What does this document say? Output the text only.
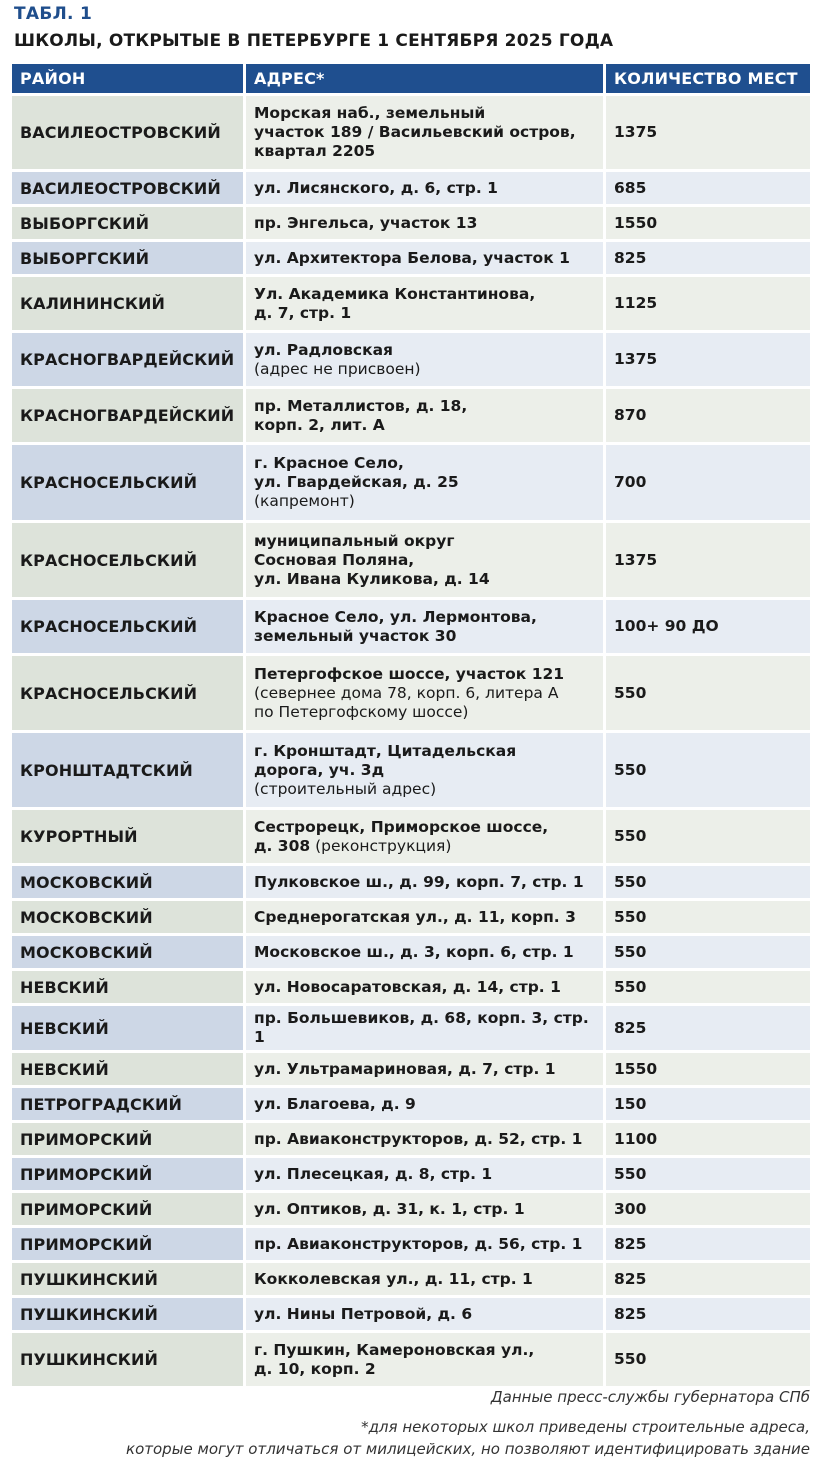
ТАБЛ. 1
ШКОЛЫ, ОТКРЫТЫЕ В ПЕТЕРБУРГЕ 1 СЕНТЯБРЯ 2025 ГОДА
РАЙОН	АДРЕС*	КОЛИЧЕСТВО МЕСТ
ВАСИЛЕОСТРОВСКИЙ	Морская наб., земельный
участок 189 / Васильевский остров,
квартал 2205	1375
ВАСИЛЕОСТРОВСКИЙ	ул. Лисянского, д. 6, стр. 1	685
ВЫБОРГСКИЙ	пр. Энгельса, участок 13	1550
ВЫБОРГСКИЙ	ул. Архитектора Белова, участок 1	825
КАЛИНИНСКИЙ	Ул. Академика Константинова,
д. 7, стр. 1	1125
КРАСНОГВАРДЕЙСКИЙ	ул. Радловская
(адрес не присвоен)	1375
КРАСНОГВАРДЕЙСКИЙ	пр. Металлистов, д. 18,
корп. 2, лит. А	870
КРАСНОСЕЛЬСКИЙ	г. Красное Село,
ул. Гвардейская, д. 25
(капремонт)	700
КРАСНОСЕЛЬСКИЙ	муниципальный округ
Сосновая Поляна,
ул. Ивана Куликова, д. 14	1375
КРАСНОСЕЛЬСКИЙ	Красное Село, ул. Лермонтова,
земельный участок 30	100+ 90 ДО
КРАСНОСЕЛЬСКИЙ	Петергофское шоссе, участок 121
(севернее дома 78, корп. 6, литера А
по Петергофскому шоссе)	550
КРОНШТАДТСКИЙ	г. Кронштадт, Цитадельская
дорога, уч. 3д
(строительный адрес)	550
КУРОРТНЫЙ	Сестрорецк, Приморское шоссе,
д. 308 (реконструкция)	550
МОСКОВСКИЙ	Пулковское ш., д. 99, корп. 7, стр. 1	550
МОСКОВСКИЙ	Среднерогатская ул., д. 11, корп. 3	550
МОСКОВСКИЙ	Московское ш., д. 3, корп. 6, стр. 1	550
НЕВСКИЙ	ул. Новосаратовская, д. 14, стр. 1	550
НЕВСКИЙ	пр. Большевиков, д. 68, корп. 3, стр. 1	825
НЕВСКИЙ	ул. Ультрамариновая, д. 7, стр. 1	1550
ПЕТРОГРАДСКИЙ	ул. Благоева, д. 9	150
ПРИМОРСКИЙ	пр. Авиаконструкторов, д. 52, стр. 1	1100
ПРИМОРСКИЙ	ул. Плесецкая, д. 8, стр. 1	550
ПРИМОРСКИЙ	ул. Оптиков, д. 31, к. 1, стр. 1	300
ПРИМОРСКИЙ	пр. Авиаконструкторов, д. 56, стр. 1	825
ПУШКИНСКИЙ	Кокколевская ул., д. 11, стр. 1	825
ПУШКИНСКИЙ	ул. Нины Петровой, д. 6	825
ПУШКИНСКИЙ	г. Пушкин, Камероновская ул.,
д. 10, корп. 2	550
Данные пресс-службы губернатора СПб
*для некоторых школ приведены строительные адреса,
которые могут отличаться от милицейских, но позволяют идентифицировать здание
